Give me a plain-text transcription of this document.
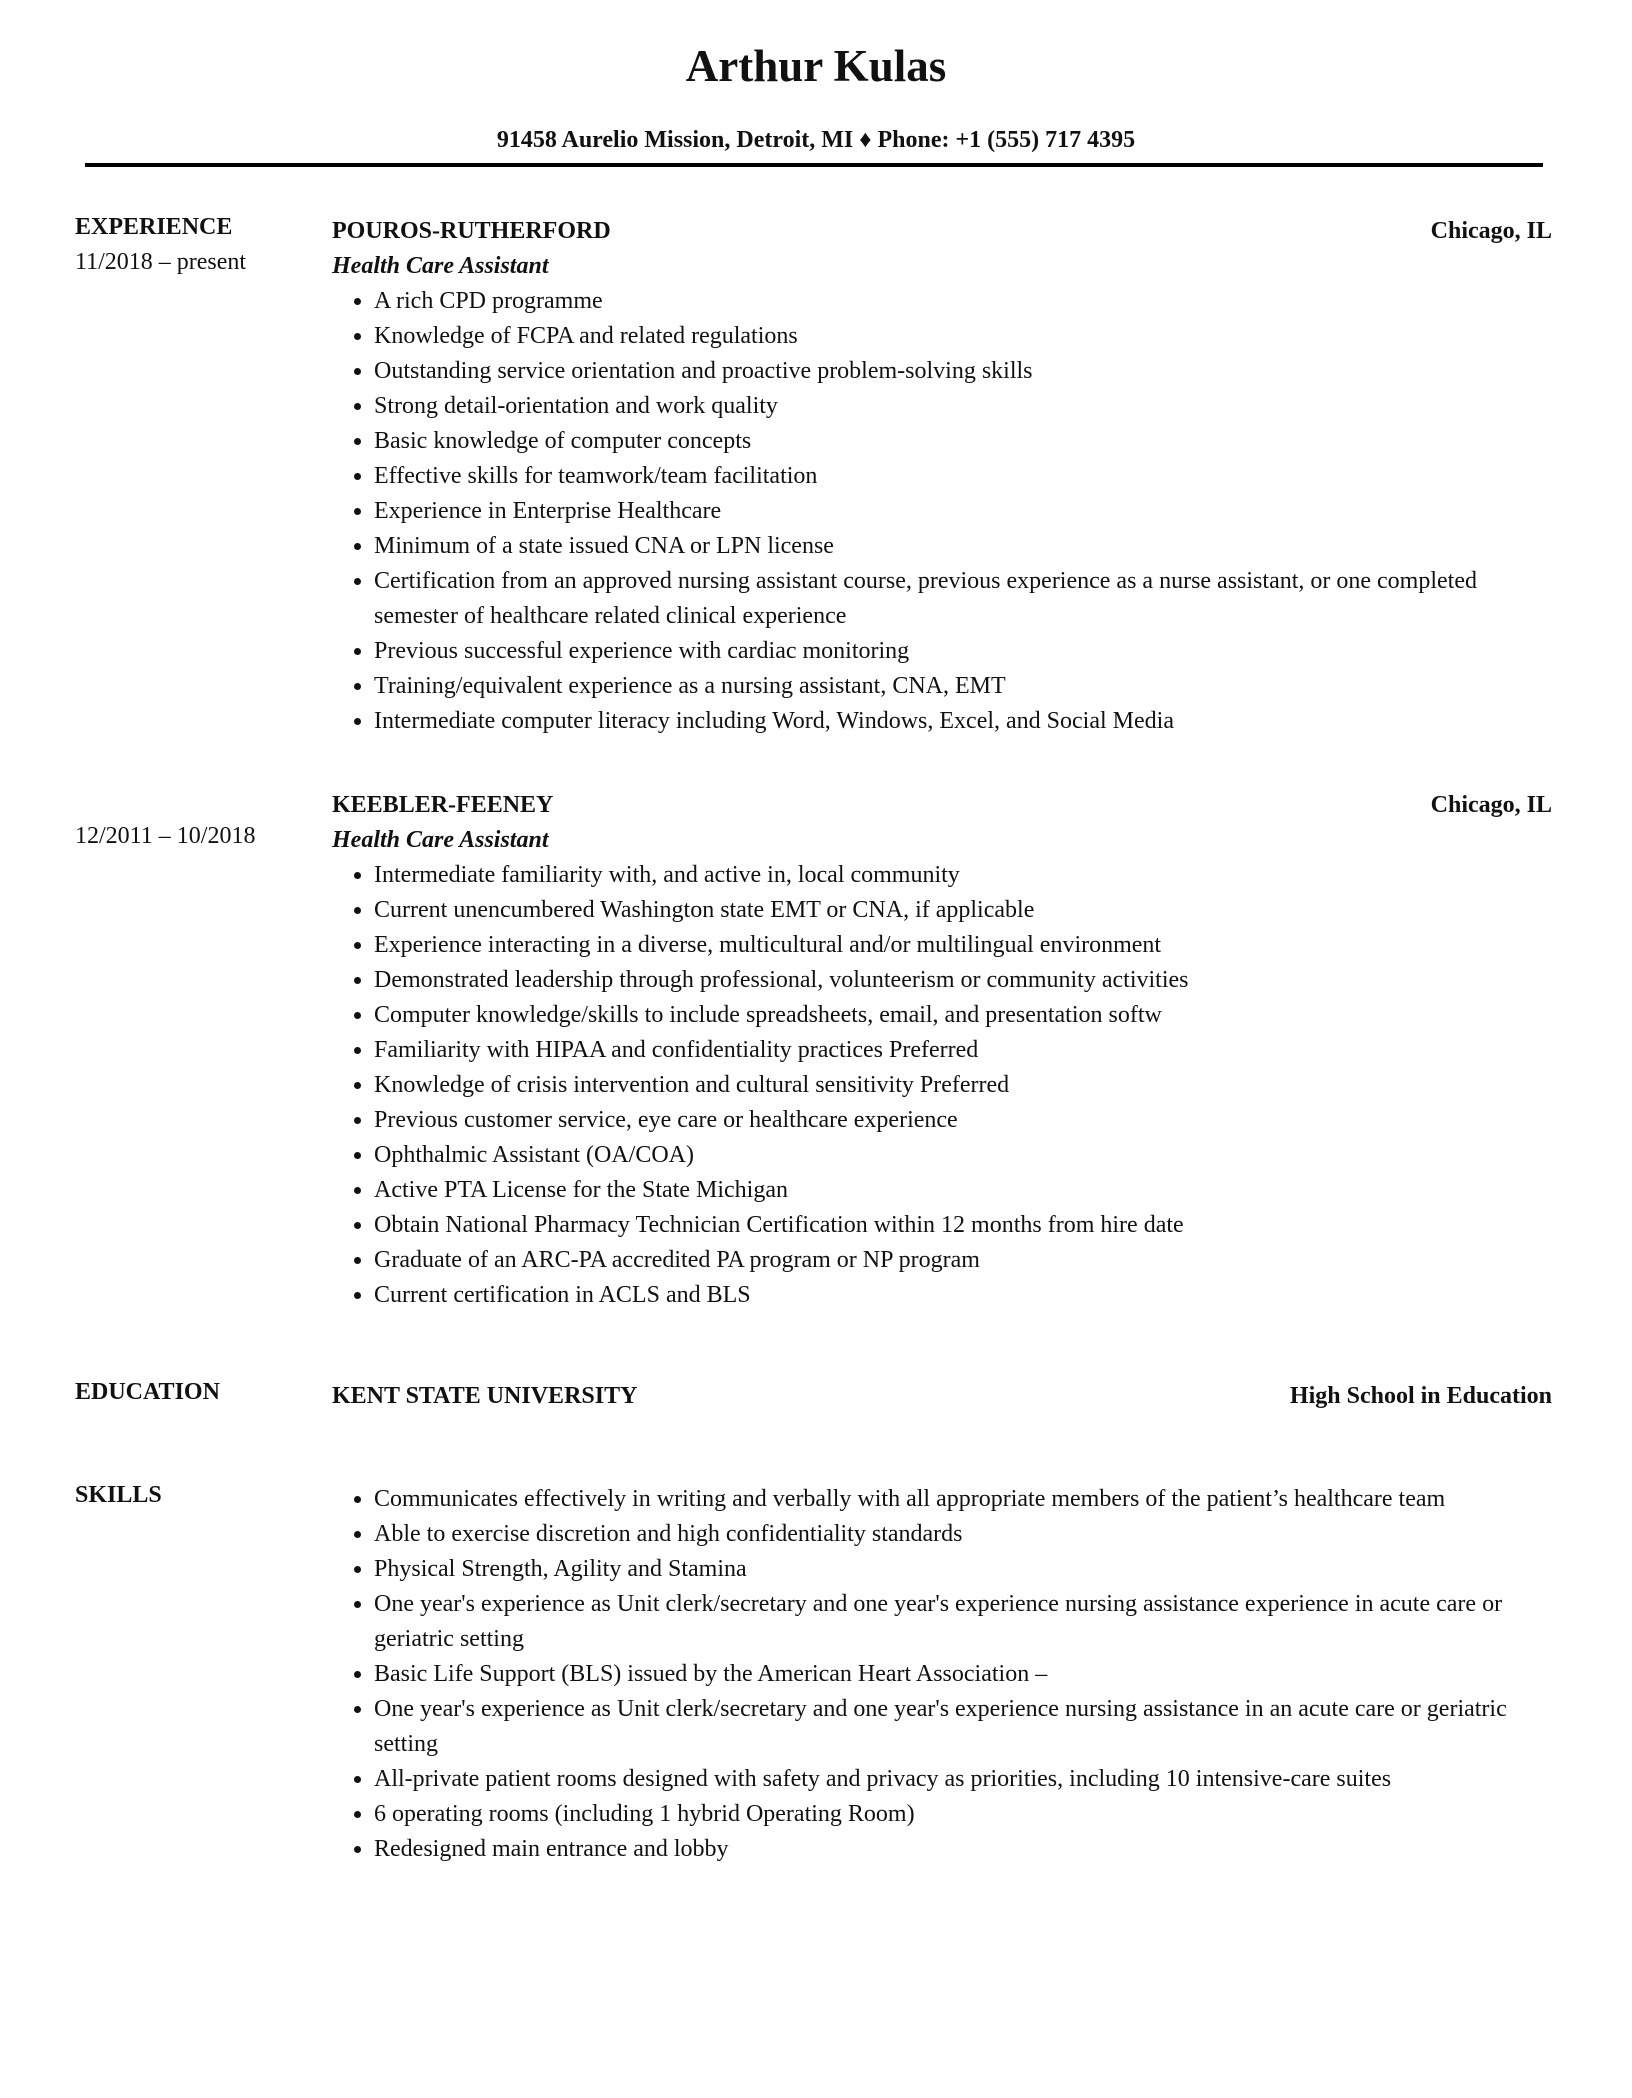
Arthur Kulas
91458 Aurelio Mission, Detroit, MI ♦ Phone: +1 (555) 717 4395
EXPERIENCE
11/2018 – present
POUROS-RUTHERFORD	Chicago, IL
Health Care Assistant
• A rich CPD programme
• Knowledge of FCPA and related regulations
• Outstanding service orientation and proactive problem-solving skills
• Strong detail-orientation and work quality
• Basic knowledge of computer concepts
• Effective skills for teamwork/team facilitation
• Experience in Enterprise Healthcare
• Minimum of a state issued CNA or LPN license
• Certification from an approved nursing assistant course, previous experience as a nurse assistant, or one completed semester of healthcare related clinical experience
• Previous successful experience with cardiac monitoring
• Training/equivalent experience as a nursing assistant, CNA, EMT
• Intermediate computer literacy including Word, Windows, Excel, and Social Media
12/2011 – 10/2018
KEEBLER-FEENEY	Chicago, IL
Health Care Assistant
• Intermediate familiarity with, and active in, local community
• Current unencumbered Washington state EMT or CNA, if applicable
• Experience interacting in a diverse, multicultural and/or multilingual environment
• Demonstrated leadership through professional, volunteerism or community activities
• Computer knowledge/skills to include spreadsheets, email, and presentation softw
• Familiarity with HIPAA and confidentiality practices Preferred
• Knowledge of crisis intervention and cultural sensitivity Preferred
• Previous customer service, eye care or healthcare experience
• Ophthalmic Assistant (OA/COA)
• Active PTA License for the State Michigan
• Obtain National Pharmacy Technician Certification within 12 months from hire date
• Graduate of an ARC-PA accredited PA program or NP program
• Current certification in ACLS and BLS
EDUCATION	KENT STATE UNIVERSITY	High School in Education
SKILLS	• Communicates effectively in writing and verbally with all appropriate members of the patient’s healthcare team
• Able to exercise discretion and high confidentiality standards
• Physical Strength, Agility and Stamina
• One year's experience as Unit clerk/secretary and one year's experience nursing assistance experience in acute care or geriatric setting
• Basic Life Support (BLS) issued by the American Heart Association –
• One year's experience as Unit clerk/secretary and one year's experience nursing assistance in an acute care or geriatric setting
• All-private patient rooms designed with safety and privacy as priorities, including 10 intensive-care suites
• 6 operating rooms (including 1 hybrid Operating Room)
• Redesigned main entrance and lobby
